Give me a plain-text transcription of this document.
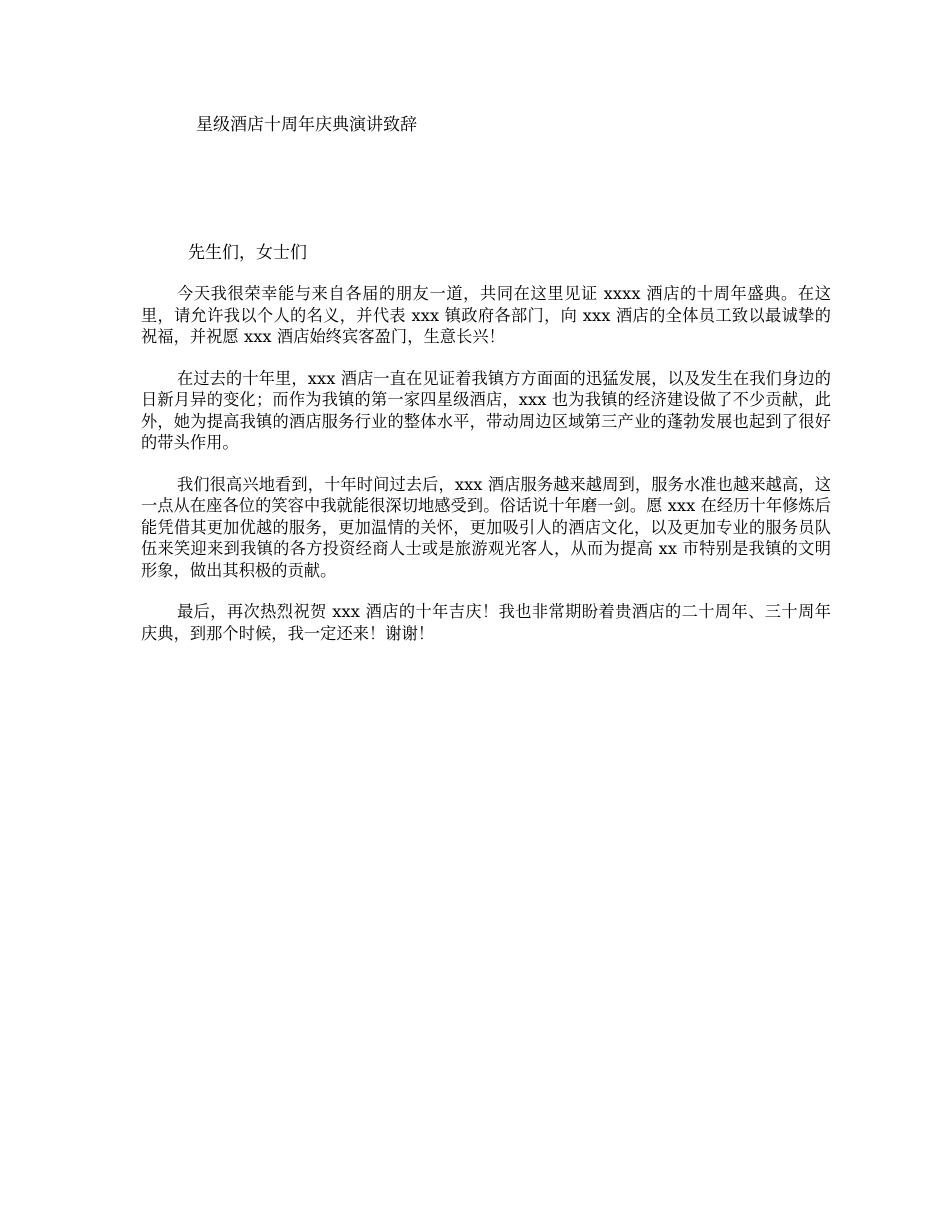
星级酒店十周年庆典演讲致辞
先生们，女士们

今天我很荣幸能与来自各届的朋友一道，共同在这里见证 xxxx 酒店的十周年盛典。在这里，请允许我以个人的名义，并代表 xxx 镇政府各部门，向 xxx 酒店的全体员工致以最诚挚的祝福，并祝愿 xxx 酒店始终宾客盈门，生意长兴！

在过去的十年里，xxx 酒店一直在见证着我镇方方面面的迅猛发展，以及发生在我们身边的日新月异的变化；而作为我镇的第一家四星级酒店，xxx 也为我镇的经济建设做了不少贡献，此外，她为提高我镇的酒店服务行业的整体水平，带动周边区域第三产业的蓬勃发展也起到了很好的带头作用。

我们很高兴地看到，十年时间过去后，xxx 酒店服务越来越周到，服务水准也越来越高，这一点从在座各位的笑容中我就能很深切地感受到。俗话说十年磨一剑。愿 xxx 在经历十年修炼后能凭借其更加优越的服务，更加温情的关怀，更加吸引人的酒店文化，以及更加专业的服务员队伍来笑迎来到我镇的各方投资经商人士或是旅游观光客人，从而为提高 xx 市特别是我镇的文明形象，做出其积极的贡献。

最后，再次热烈祝贺 xxx 酒店的十年吉庆！我也非常期盼着贵酒店的二十周年、三十周年庆典，到那个时候，我一定还来！谢谢！
